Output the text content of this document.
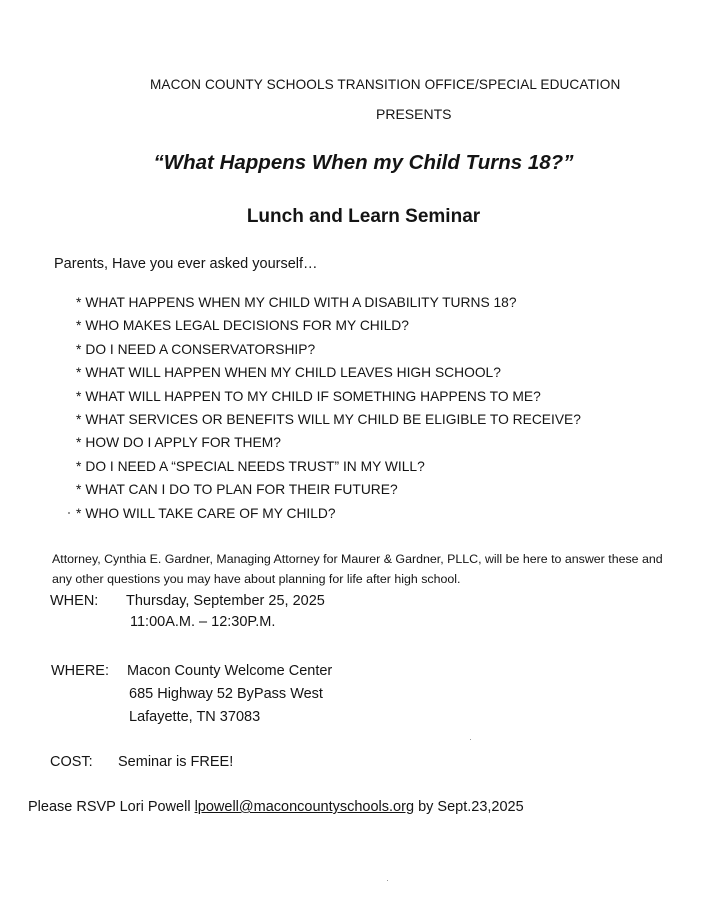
MACON COUNTY SCHOOLS TRANSITION OFFICE/SPECIAL EDUCATION
PRESENTS
“What Happens When my Child Turns 18?”
Lunch and Learn Seminar
Parents, Have you ever asked yourself…
* WHAT HAPPENS WHEN MY CHILD WITH A DISABILITY TURNS 18?
* WHO MAKES LEGAL DECISIONS FOR MY CHILD?
* DO I NEED A CONSERVATORSHIP?
* WHAT WILL HAPPEN WHEN MY CHILD LEAVES HIGH SCHOOL?
* WHAT WILL HAPPEN TO MY CHILD IF SOMETHING HAPPENS TO ME?
* WHAT SERVICES OR BENEFITS WILL MY CHILD BE ELIGIBLE TO RECEIVE?
* HOW DO I APPLY FOR THEM?
* DO I NEED A “SPECIAL NEEDS TRUST” IN MY WILL?
* WHAT CAN I DO TO PLAN FOR THEIR FUTURE?
* WHO WILL TAKE CARE OF MY CHILD?
Attorney, Cynthia E. Gardner, Managing Attorney for Maurer & Gardner, PLLC, will be here to answer these and any other questions you may have about planning for life after high school.
WHEN: Thursday, September 25, 2025
11:00A.M. – 12:30P.M.
WHERE: Macon County Welcome Center
685 Highway 52 ByPass West
Lafayette, TN 37083
COST: Seminar is FREE!
Please RSVP Lori Powell lpowell@maconcountyschools.org by Sept.23,2025
